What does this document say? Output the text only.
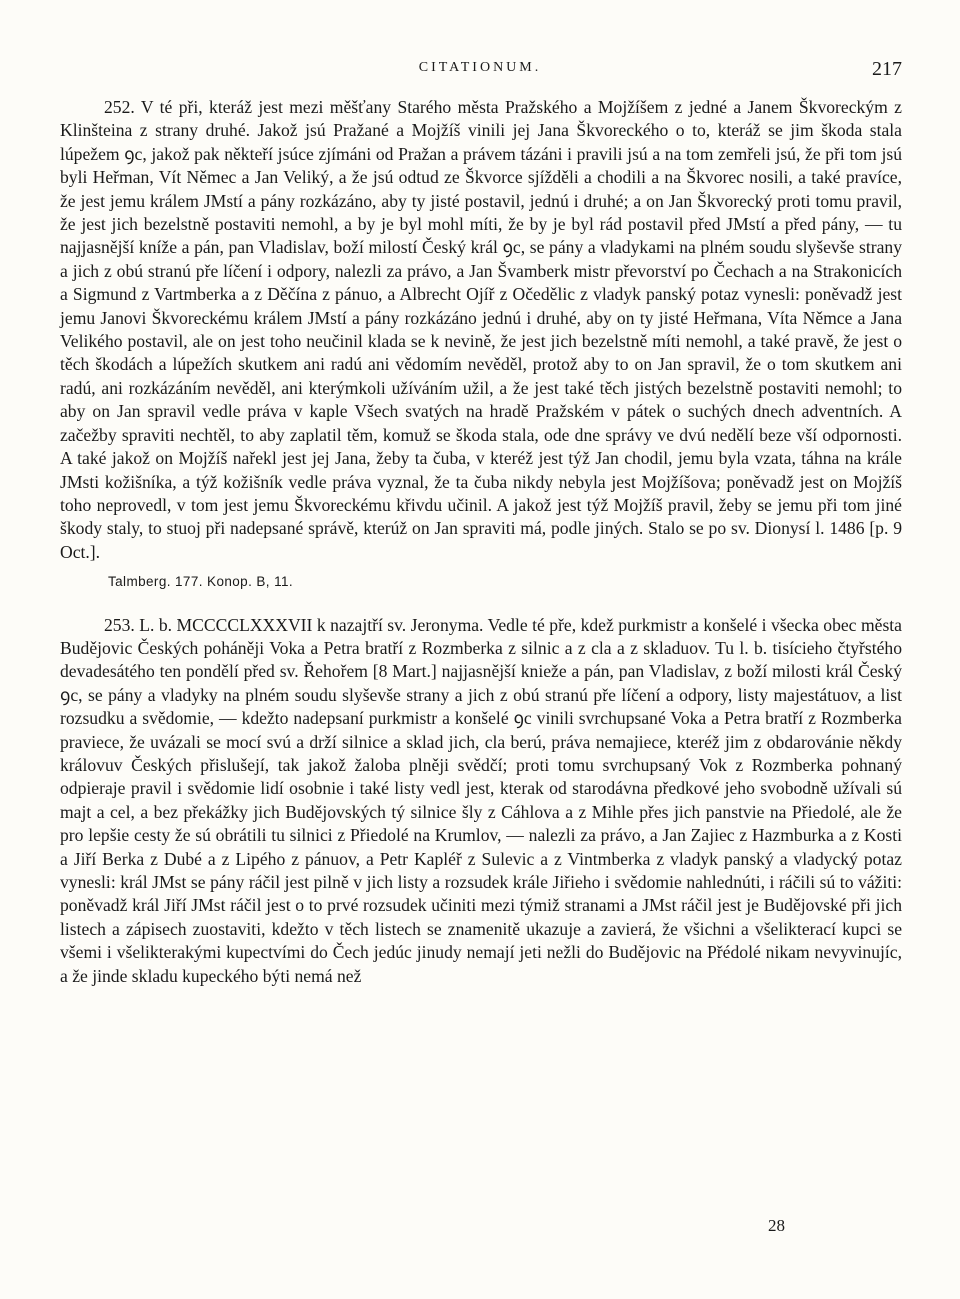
CITATIONUM.	217

252. V té při, kteráž jest mezi měšťany Starého města Pražského a Mojžíšem z jedné a Janem Škvoreckým z Klinšteina z strany druhé. Jakož jsú Pražané a Mojžíš vinili jej Jana Škvoreckého o to, kteráž se jim škoda stala lúpežem ꝯc, jakož pak někteří jsúce zjímáni od Pražan a právem tázáni i pravili jsú a na tom zemřeli jsú, že při tom jsú byli Heřman, Vít Němec a Jan Veliký, a že jsú odtud ze Škvorce sjížděli a chodili a na Škvorec nosili, a také pravíce, že jest jemu králem JMstí a pány rozkázáno, aby ty jisté postavil, jednú i druhé; a on Jan Škvorecký proti tomu pravil, že jest jich bezelstně postaviti nemohl, a by je byl mohl míti, že by je byl rád postavil před JMstí a před pány, — tu najjasnější kníže a pán, pan Vladislav, boží milostí Český král ꝯc, se pány a vladykami na plném soudu slyševše strany a jich z obú stranú pře líčení i odpory, nalezli za právo, a Jan Švamberk mistr převorství po Čechach a na Strakonicích a Sigmund z Vartmberka a z Děčína z pánuo, a Albrecht Ojíř z Očedělic z vladyk panský potaz vynesli: poněvadž jest jemu Janovi Škvoreckému králem JMstí a pány rozkázáno jednú i druhé, aby on ty jisté Heřmana, Víta Němce a Jana Velikého postavil, ale on jest toho neučinil klada se k nevině, že jest jich bezelstně míti nemohl, a také pravě, že jest o těch škodách a lúpežích skutkem ani radú ani vědomím nevěděl, protož aby to on Jan spravil, že o tom skutkem ani radú, ani rozkázáním nevěděl, ani kterýmkoli užíváním užil, a že jest také těch jistých bezelstně postaviti nemohl; to aby on Jan spravil vedle práva v kaple Všech svatých na hradě Pražském v pátek o suchých dnech adventních. A začežby spraviti nechtěl, to aby zaplatil těm, komuž se škoda stala, ode dne správy ve dvú nedělí beze vší odpornosti. A také jakož on Mojžíš nařekl jest jej Jana, žeby ta čuba, v kteréž jest týž Jan chodil, jemu byla vzata, táhna na krále JMsti kožišníka, a týž kožišník vedle práva vyznal, že ta čuba nikdy nebyla jest Mojžíšova; poněvadž jest on Mojžíš toho neprovedl, v tom jest jemu Škvoreckému křivdu učinil. A jakož jest týž Mojžíš pravil, žeby se jemu při tom jiné škody staly, to stuoj při nadepsané správě, kterúž on Jan spraviti má, podle jiných. Stalo se po sv. Dionysí l. 1486 [p. 9 Oct.].

Talmberg. 177. Konop. B, 11.

253. L. b. MCCCCLXXXVII k nazajtří sv. Jeronyma. Vedle té pře, kdež purkmistr a konšelé i všecka obec města Budějovic Českých poháněji Voka a Petra bratří z Rozmberka z silnic a z cla a z skladuov. Tu l. b. tisícieho čtyřstého devadesátého ten pondělí před sv. Řehořem [8 Mart.] najjasnější knieže a pán, pan Vladislav, z boží milosti král Český ꝯc, se pány a vladyky na plném soudu slyševše strany a jich z obú stranú pře líčení a odpory, listy majestátuov, a list rozsudku a svědomie, — kdežto nadepsaní purkmistr a konšelé ꝯc vinili svrchupsané Voka a Petra bratří z Rozmberka praviece, že uvázali se mocí svú a drží silnice a sklad jich, cla berú, práva nemajiece, kteréž jim z obdarovánie někdy královuv Českých přislušejí, tak jakož žaloba plněji svědčí; proti tomu svrchupsaný Vok z Rozmberka pohnaný odpieraje pravil i svědomie lidí osobnie i také listy vedl jest, kterak od starodávna předkové jeho svobodně užívali sú majt a cel, a bez překážky jich Budějovských tý silnice šly z Cáhlova a z Mihle přes jich panstvie na Přiedolé, ale že pro lepšie cesty že sú obrátili tu silnici z Přiedolé na Krumlov, — nalezli za právo, a Jan Zajiec z Hazmburka a z Kosti a Jiří Berka z Dubé a z Lipého z pánuov, a Petr Kapléř z Sulevic a z Vintmberka z vladyk panský a vladycký potaz vynesli: král JMst se pány ráčil jest pilně v jich listy a rozsudek krále Jiřieho i svědomie nahlednúti, i ráčili sú to vážiti: poněvadž král Jiří JMst ráčil jest o to prvé rozsudek učiniti mezi týmiž stranami a JMst ráčil jest je Budějovské při jich listech a zápisech zuostaviti, kdežto v těch listech se znamenitě ukazuje a zavierá, že všichni a všelikterací kupci se všemi i všelikterakými kupectvími do Čech jedúc jinudy nemají jeti nežli do Budějovic na Přédolé nikam nevyvinujíc, a že jinde skladu kupeckého býti nemá než

28
